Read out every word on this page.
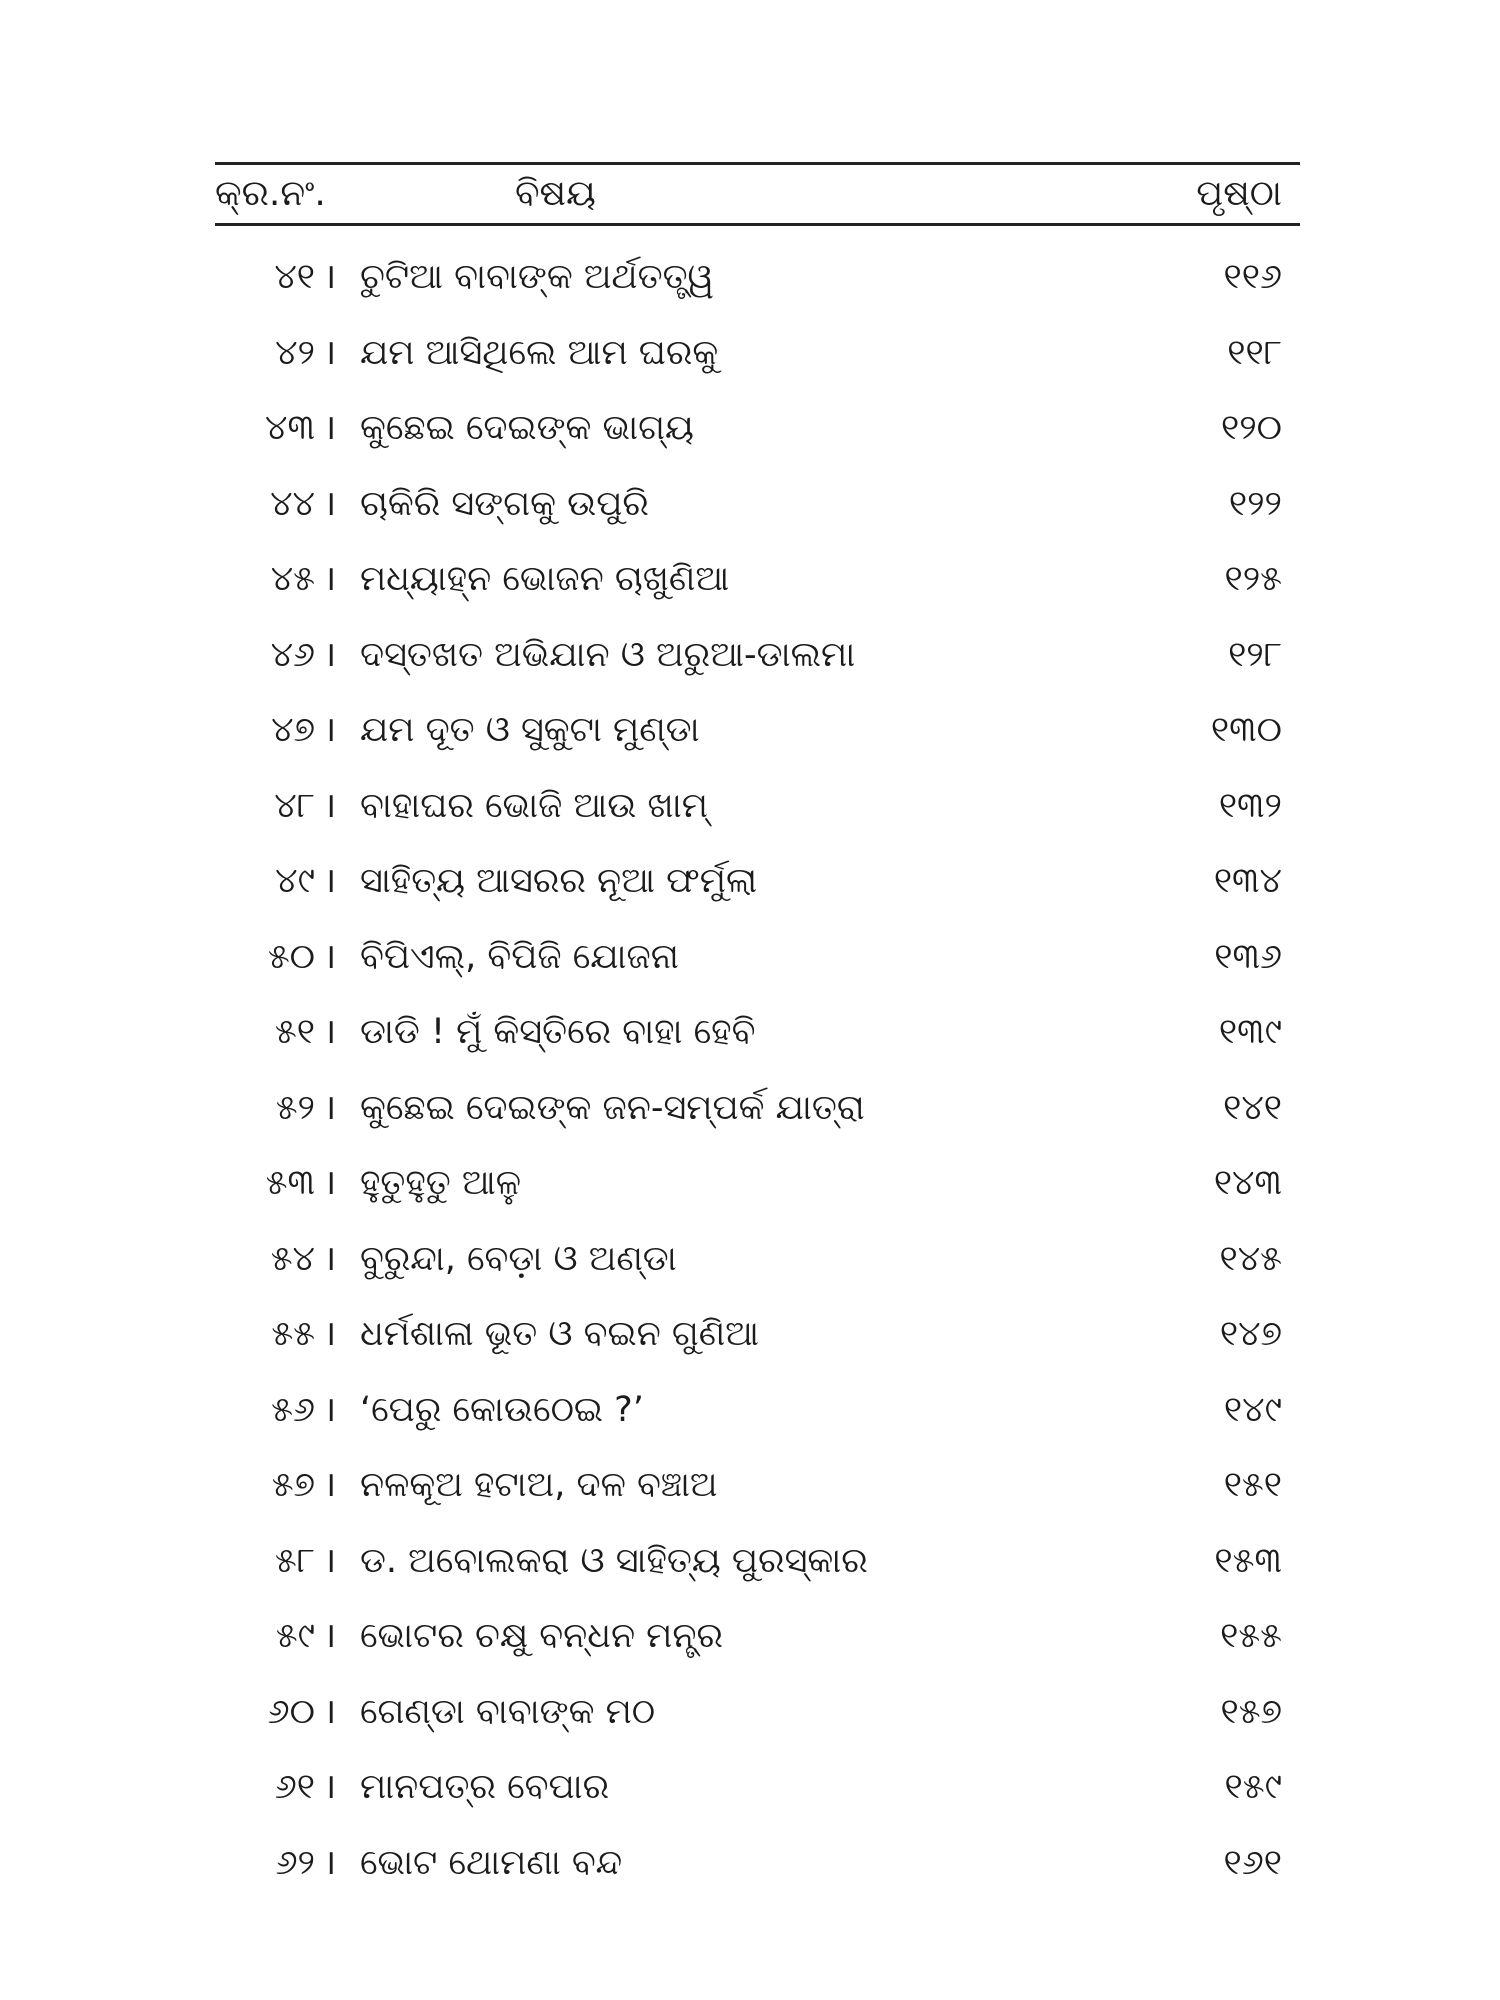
କ୍ର.ନଂ.	ବିଷୟ	ପୃଷ୍ଠା
୪୧ । ଚୁଟିଆ ବାବାଙ୍କ ଅର୍ଥତତ୍ତ୍ୱ	୧୧୬
୪୨ । ଯମ ଆସିଥିଲେ ଆମ ଘରକୁ	୧୧୮
୪୩ । କୁଛେଇ ଦେଇଙ୍କ ଭାଗ୍ୟ	୧୨୦
୪୪ । ଚାକିରି ସଙ୍ଗକୁ ଉପୁରି	୧୨୨
୪୫ । ମଧ୍ୟାହ୍ନ ଭୋଜନ ଚାଖୁଣିଆ	୧୨୫
୪୬ । ଦସ୍ତଖତ ଅଭିଯାନ ଓ ଅରୁଆ-ଡାଲମା	୧୨୮
୪୭ । ଯମ ଦୂତ ଓ ସୁକୁଟା ମୁଣ୍ଡା	୧୩୦
୪୮ । ବାହାଘର ଭୋଜି ଆଉ ଖାମ୍	୧୩୨
୪୯ । ସାହିତ୍ୟ ଆସରର ନୂଆ ଫର୍ମୁଲା	୧୩୪
୫୦ । ବିପିଏଲ୍, ବିପିଜି ଯୋଜନା	୧୩୬
୫୧ । ଡାଡି ! ମୁଁ କିସ୍ତିରେ ବାହା ହେବି	୧୩୯
୫୨ । କୁଛେଇ ଦେଇଙ୍କ ଜନ-ସମ୍ପର୍କ ଯାତ୍ରା	୧୪୧
୫୩ । ହୁତୁହୁତୁ ଆଳୁ	୧୪୩
୫୪ । ବୁରୁନ୍ଦା, ବେଡ଼ା ଓ ଅଣ୍ଡା	୧୪୫
୫୫ । ଧର୍ମଶାଳା ଭୂତ ଓ ବଇନ ଗୁଣିଆ	୧୪୭
୫୬ । ‘ପେରୁ କୋଉଠେଇ ?’	୧୪୯
୫୭ । ନଳକୂଅ ହଟାଅ, ଦଳ ବଞ୍ଚାଅ	୧୫୧
୫୮ । ଡ. ଅବୋଲକରା ଓ ସାହିତ୍ୟ ପୁରସ୍କାର	୧୫୩
୫୯ । ଭୋଟର ଚକ୍ଷୁ ବନ୍ଧନ ମନ୍ତ୍ର	୧୫୫
୬୦ । ଗେଣ୍ଡା ବାବାଙ୍କ ମଠ	୧୫୭
୬୧ । ମାନପତ୍ର ବେପାର	୧୫୯
୬୨ । ଭୋଟ ଥୋମଣା ବନ୍ଦ	୧୬୧
